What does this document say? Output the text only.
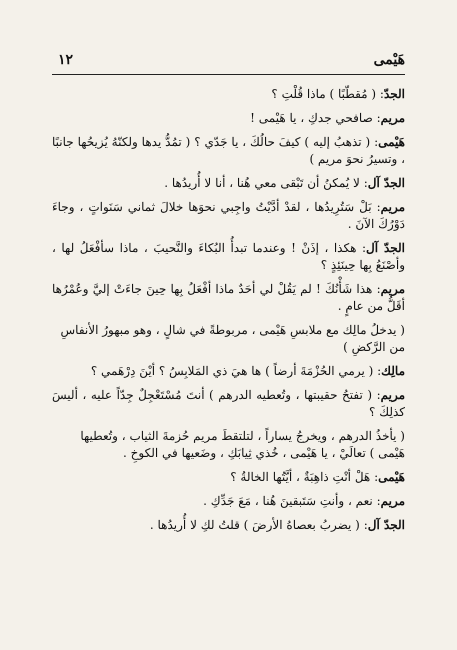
١٢	هَيْمى

الجدّ: ( مُقطّبًا ) ماذا قُلْتِ ؟

مريم: صافحي جدكِ ، يا هَيْمى !

هَيْمى: ( تذهبُ إليه ) كيفَ حالُكَ ، يا جَدّي ؟ ( تمُدُّ يدها ولكنّهُ يُزيحُها جانبًا ، وتسيرُ نحوَ مريم )

الجدّ آل: لا يُمكنُ أن تَبْقى معي هُنا ، أنا لا أُريدُها .

مريم: بَلْ سَتُرِيدُها ، لقدْ أدَّيْتُ واجِبي نحوَها خلالَ ثماني سَنَواتٍ ، وجاءَ دَوْرُكَ الآنَ .

الجدّ آل: هكذا ، إذَنْ ! وعندما تبدأُ البُكاءَ والنَّحيبَ ، ماذا سأفْعَلُ لها ، وأصْنَعُ بِها حِينَئِذٍ ؟

مريم: هذا شَأْنُكَ ! لم يَقُلْ لي أحَدٌ ماذا أفْعَلُ بِها حِينَ جاءَتْ إليَّ وعُمْرُها أقَلُّ من عامٍ .

( يدخلُ مالِك مع ملابسِ هَيْمى ، مربوطةً في شالٍ ، وهو مبهورُ الأنفاسِ من الرَّكضِ )

مالِك: ( يرمي الحُزْمَةَ أرضاً ) ها هيَ ذي المَلابِسُ ؟ أيْنَ دِرْهَمي ؟

مريم: ( تفتحُ حقيبتها ، وتُعطيه الدرهم ) أنتَ مُسْتَعْجِلٌ جِدّاً عليه ، أليسَ كذلِكَ ؟

( يأخذُ الدرهم ، ويخرجُ يساراً ، لتلتقطَ مريم حُزمةَ الثياب ، وتُعطيها هَيْمى ) تعالَيْ ، يا هَيْمى ، خُذي ثِيابَكِ ، وضَعيها في الكوخِ .

هَيْمى: هَلْ أنْتِ ذاهِبَةٌ ، أيَّتُها الخالةُ ؟

مريم: نعم ، وأنتِ سَتَبقينَ هُنا ، مَعَ جَدِّكِ .

الجدّ آل: ( يضربُ بعصاهُ الأرضَ ) قلتُ لكِ لا أُريدُها .
